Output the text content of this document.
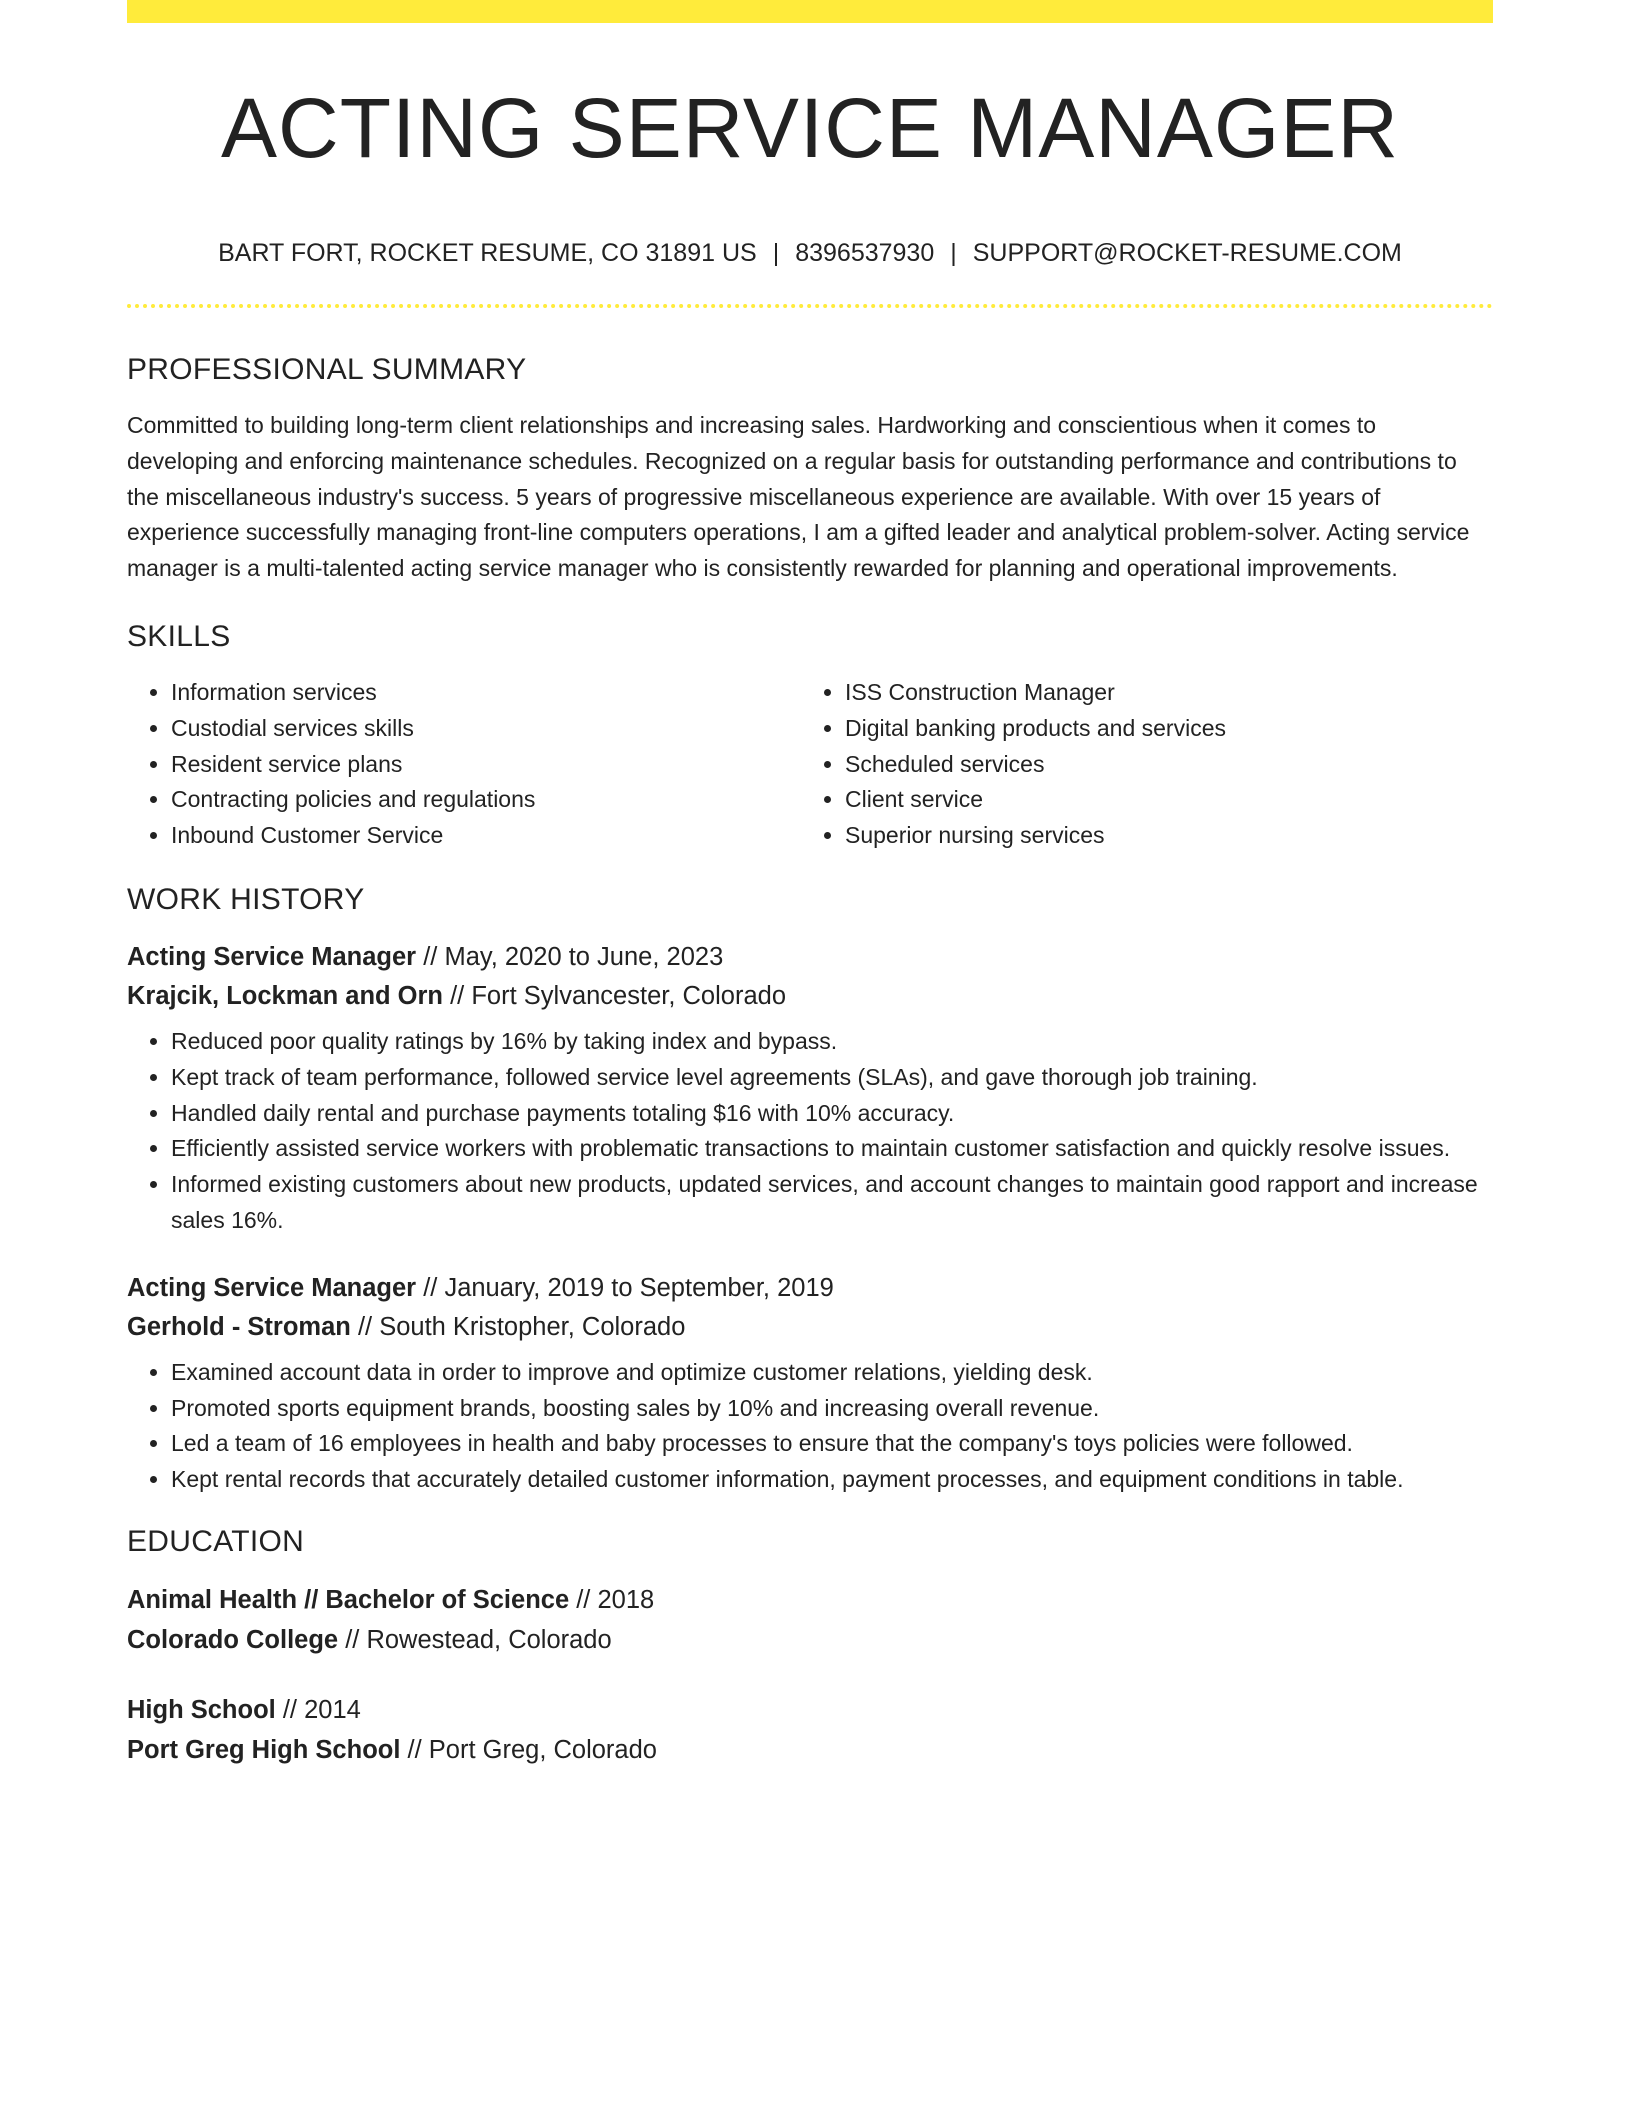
ACTING SERVICE MANAGER
BART FORT, ROCKET RESUME, CO 31891 US | 8396537930 | SUPPORT@ROCKET-RESUME.COM
PROFESSIONAL SUMMARY

Committed to building long-term client relationships and increasing sales. Hardworking and conscientious when it comes to developing and enforcing maintenance schedules. Recognized on a regular basis for outstanding performance and contributions to the miscellaneous industry's success. 5 years of progressive miscellaneous experience are available. With over 15 years of experience successfully managing front-line computers operations, I am a gifted leader and analytical problem-solver. Acting service manager is a multi-talented acting service manager who is consistently rewarded for planning and operational improvements.

SKILLS
• Information services
• Custodial services skills
• Resident service plans
• Contracting policies and regulations
• Inbound Customer Service
• ISS Construction Manager
• Digital banking products and services
• Scheduled services
• Client service
• Superior nursing services
WORK HISTORY
Acting Service Manager // May, 2020 to June, 2023
Krajcik, Lockman and Orn // Fort Sylvancester, Colorado
• Reduced poor quality ratings by 16% by taking index and bypass.
• Kept track of team performance, followed service level agreements (SLAs), and gave thorough job training.
• Handled daily rental and purchase payments totaling $16 with 10% accuracy.
• Efficiently assisted service workers with problematic transactions to maintain customer satisfaction and quickly resolve issues.
• Informed existing customers about new products, updated services, and account changes to maintain good rapport and increase sales 16%.
Acting Service Manager // January, 2019 to September, 2019
Gerhold - Stroman // South Kristopher, Colorado
• Examined account data in order to improve and optimize customer relations, yielding desk.
• Promoted sports equipment brands, boosting sales by 10% and increasing overall revenue.
• Led a team of 16 employees in health and baby processes to ensure that the company's toys policies were followed.
• Kept rental records that accurately detailed customer information, payment processes, and equipment conditions in table.
EDUCATION
Animal Health // Bachelor of Science // 2018
Colorado College // Rowestead, Colorado
High School // 2014
Port Greg High School // Port Greg, Colorado
